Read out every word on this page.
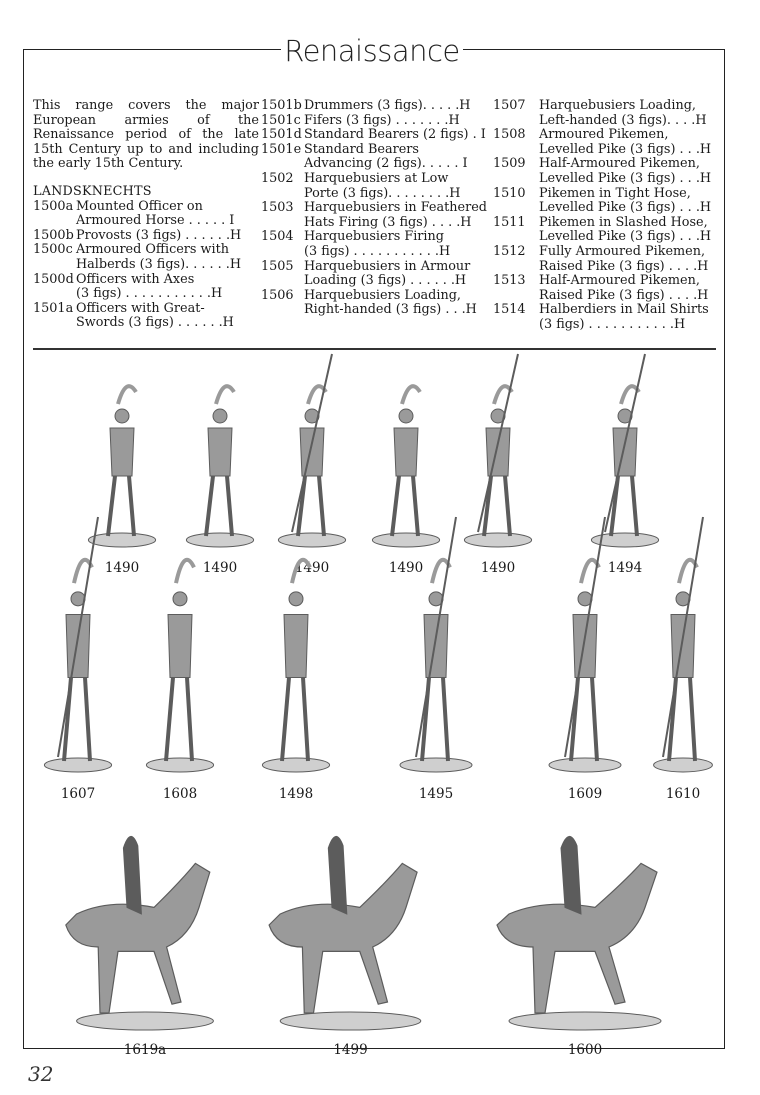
Renaissance

This range covers the major European armies of the Renaissance period of the late 15th Century up to and including the early 15th Century.

LANDSKNECHTS

1500a Mounted Officer on
Armoured Horse . . . . . I
1500b Provosts (3 figs) . . . . . .H
1500c Armoured Officers with
Halberds (3 figs). . . . . .H
1500d Officers with Axes
(3 figs) . . . . . . . . . . .H
1501a Officers with Great-
Swords (3 figs) . . . . . .H
1501b Drummers (3 figs). . . . .H
1501c Fifers (3 figs) . . . . . . .H
1501d Standard Bearers (2 figs) . I
1501e Standard Bearers
Advancing (2 figs). . . . . I
1502 Harquebusiers at Low
Porte (3 figs). . . . . . . .H
1503 Harquebusiers in Feathered
Hats Firing (3 figs) . . . .H
1504 Harquebusiers Firing
(3 figs) . . . . . . . . . . .H
1505 Harquebusiers in Armour
Loading (3 figs) . . . . . .H
1506 Harquebusiers Loading,
Right-handed (3 figs) . . .H
1507	Harquebusiers Loading,
Left-handed (3 figs). . . .H
1508	Armoured Pikemen,
Levelled Pike (3 figs) . . .H
1509	Half-Armoured Pikemen,
Levelled Pike (3 figs) . . .H
1510	Pikemen in Tight Hose,
Levelled Pike (3 figs) . . .H
1511	Pikemen in Slashed Hose,
Levelled Pike (3 figs) . . .H
1512	Fully Armoured Pikemen,
Raised Pike (3 figs) . . . .H
1513	Half-Armoured Pikemen,
Raised Pike (3 figs) . . . .H
1514	Halberdiers in Mail Shirts
(3 figs) . . . . . . . . . . .H
1490	1490	1490	1490	1490	1494
1607	1608	1498	1495	1609	1610
1619a	1499	1600
32
